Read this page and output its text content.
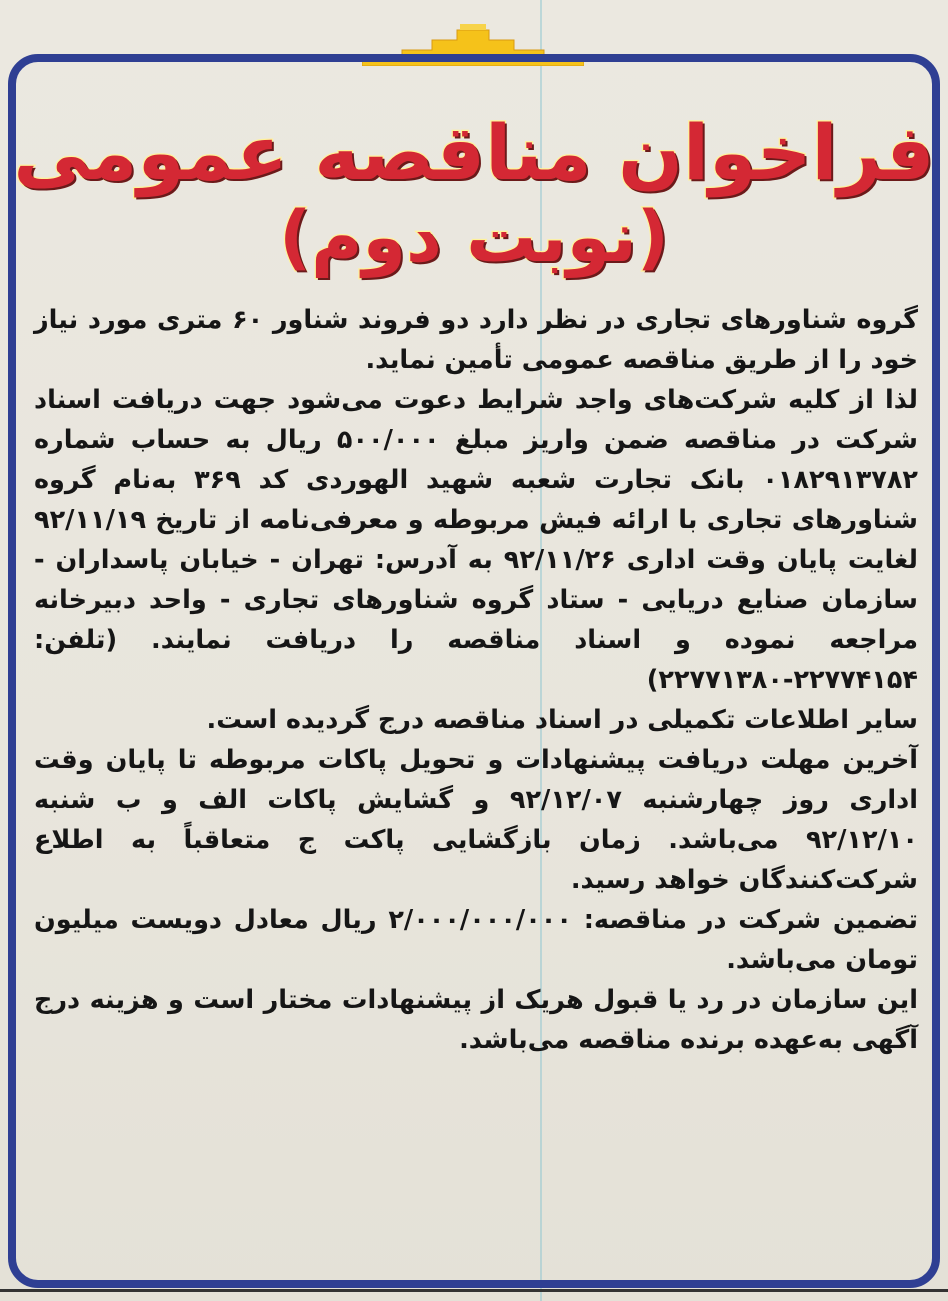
فراخوان مناقصه عمومی
(نوبت دوم)

گروه شناورهای تجاری در نظر دارد دو فروند شناور ۶۰ متری مورد نیاز خود را از طریق مناقصه عمومی تأمین نماید.

لذا از کلیه شرکت‌های واجد شرایط دعوت می‌شود جهت دریافت اسناد شرکت در مناقصه ضمن واریز مبلغ ۵۰۰/۰۰۰ ریال به حساب شماره ۰۱۸۲۹۱۳۷۸۲ بانک تجارت شعبه شهید الهوردی کد ۳۶۹ به‌نام گروه شناورهای تجاری با ارائه فیش مربوطه و معرفی‌نامه از تاریخ ۹۲/۱۱/۱۹ لغایت پایان وقت اداری ۹۲/۱۱/۲۶ به آدرس: تهران - خیابان پاسداران - سازمان صنایع دریایی - ستاد گروه شناورهای تجاری - واحد دبیرخانه مراجعه نموده و اسناد مناقصه را دریافت نمایند. (تلفن: ۲۲۷۷۴۱۵۴-۲۲۷۷۱۳۸۰)

سایر اطلاعات تکمیلی در اسناد مناقصه درج گردیده است.

آخرین مهلت دریافت پیشنهادات و تحویل پاکات مربوطه تا پایان وقت اداری روز چهارشنبه ۹۲/۱۲/۰۷ و گشایش پاکات الف و ب شنبه ۹۲/۱۲/۱۰ می‌باشد. زمان بازگشایی پاکت ج متعاقباً به اطلاع شرکت‌کنندگان خواهد رسید.

تضمین شرکت در مناقصه: ۲/۰۰۰/۰۰۰/۰۰۰ ریال معادل دویست میلیون تومان می‌باشد.

این سازمان در رد یا قبول هریک از پیشنهادات مختار است و هزینه درج آگهی به‌عهده برنده مناقصه می‌باشد.
